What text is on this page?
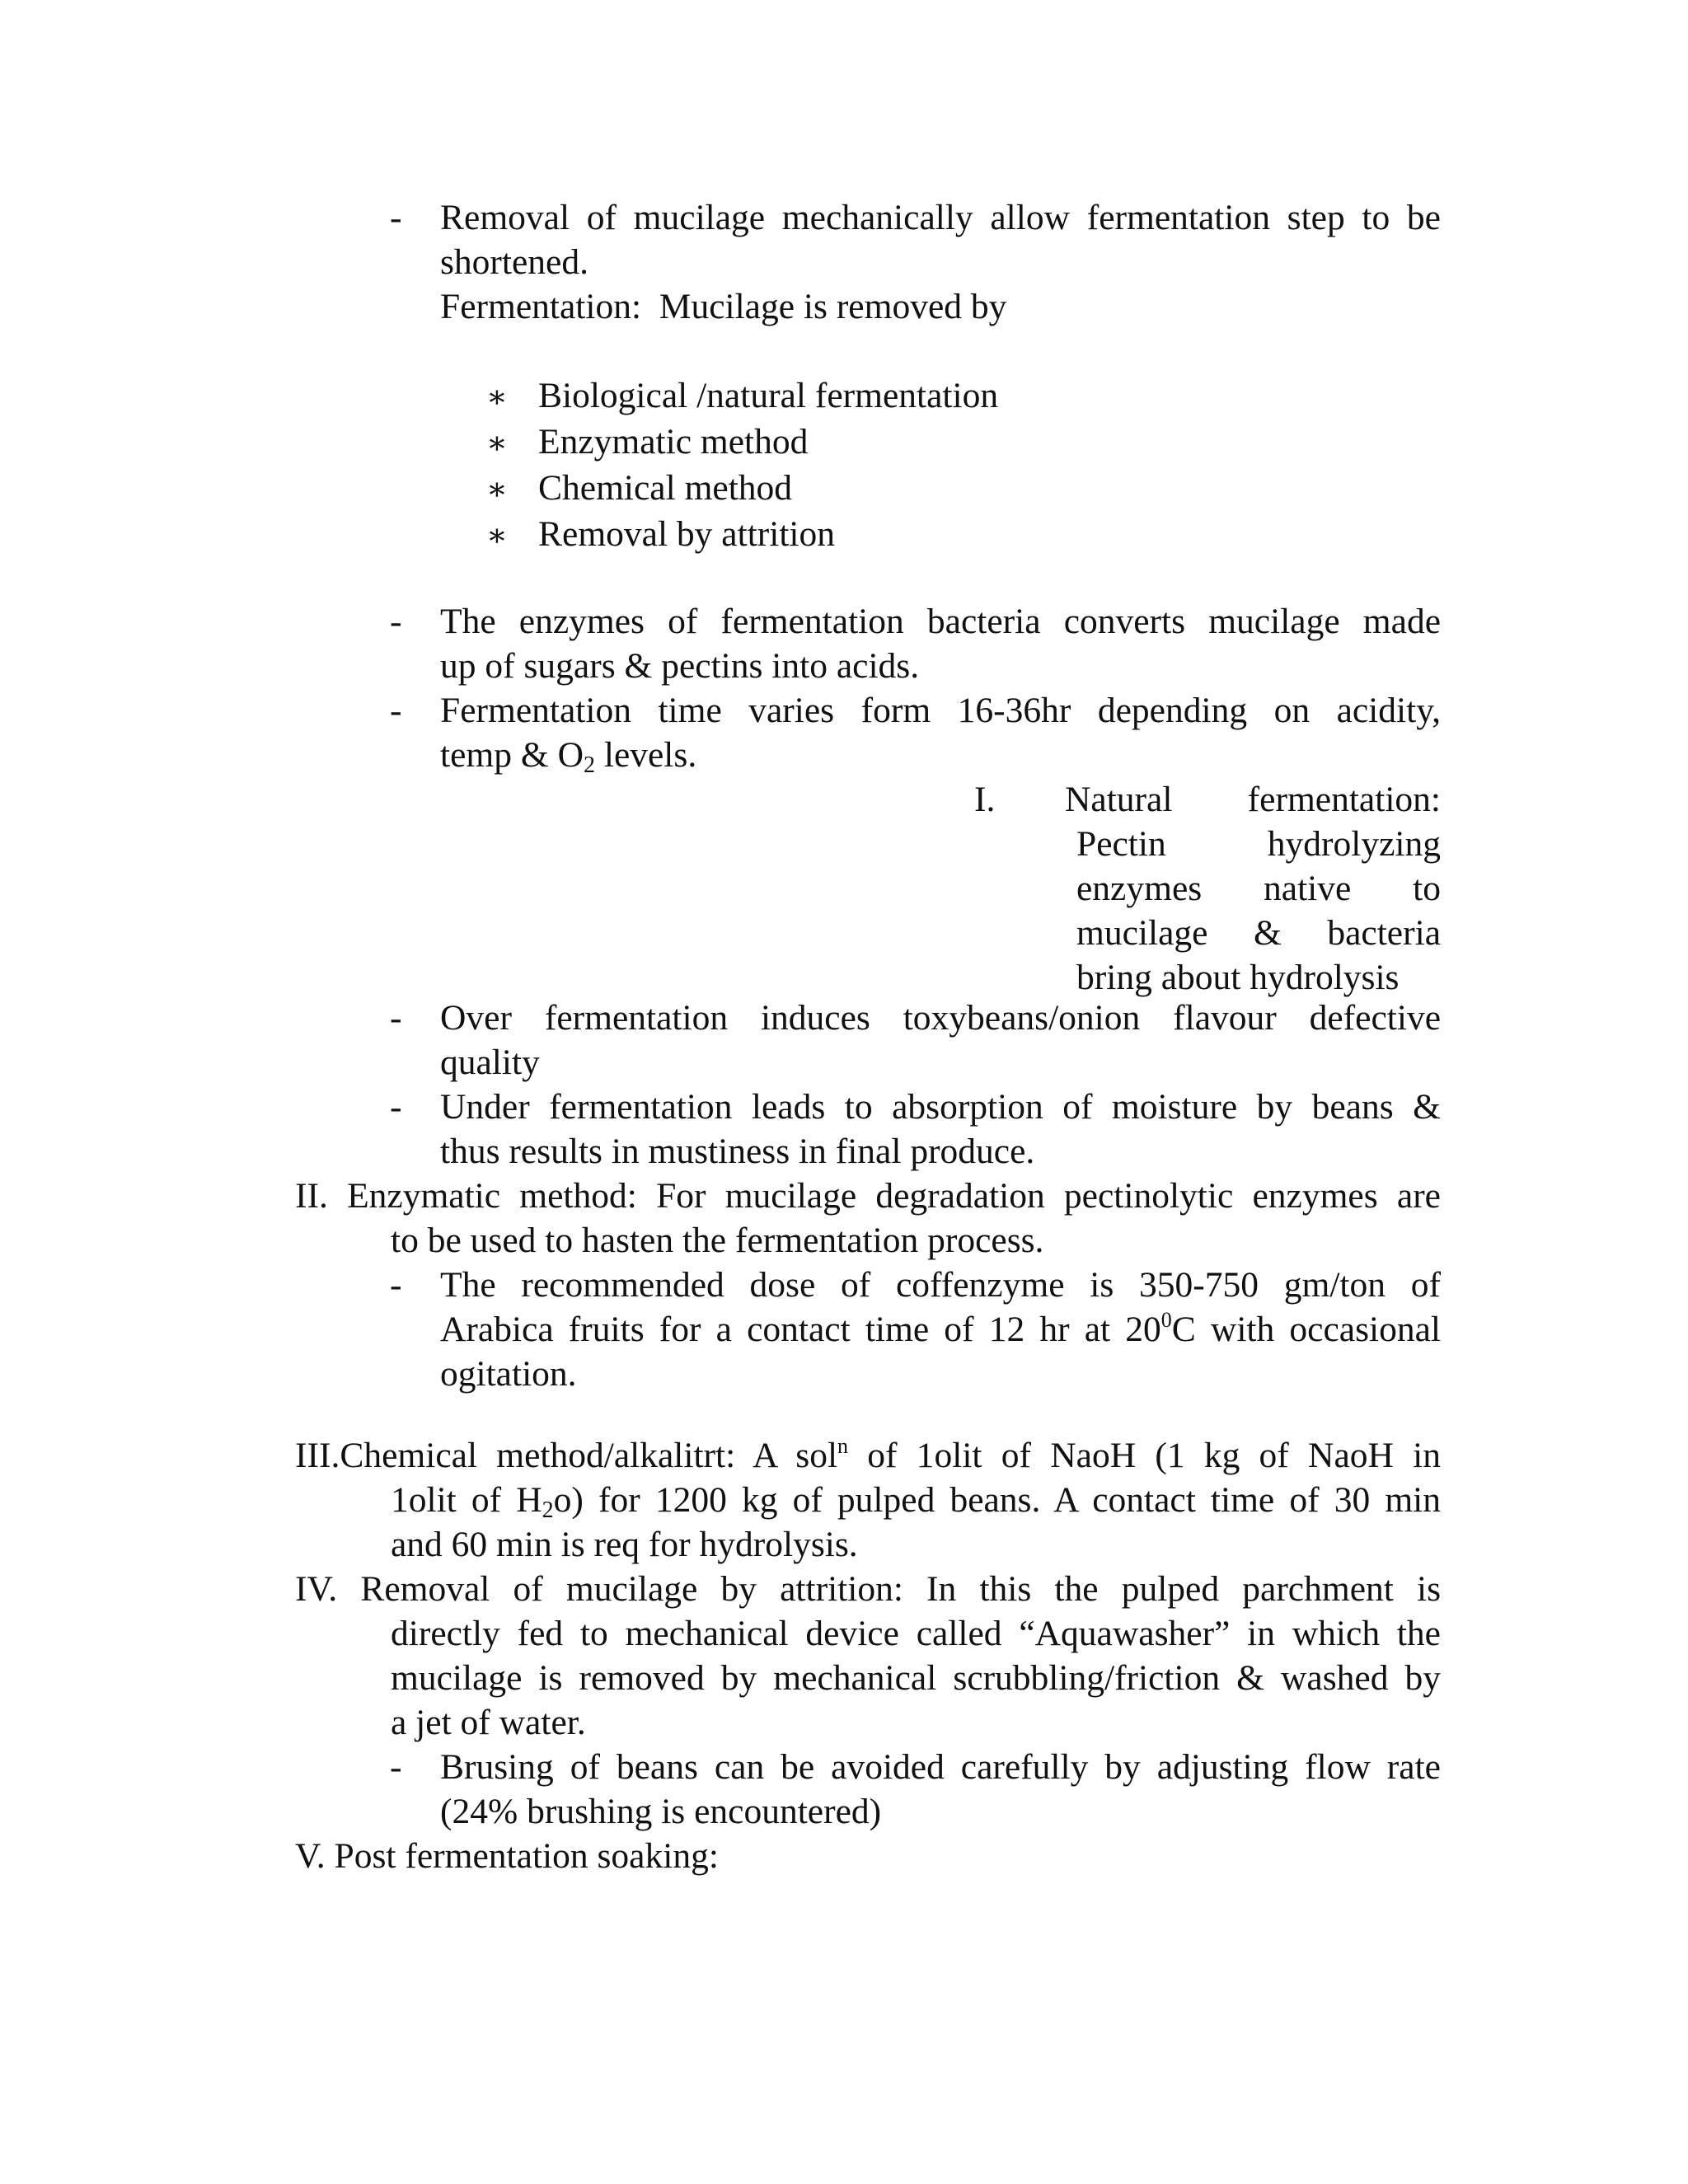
- Removal of mucilage mechanically allow fermentation step to be
shortened.
Fermentation:  Mucilage is removed by
∗ Biological /natural fermentation
∗ Enzymatic method
∗ Chemical method
∗ Removal by attrition
- The enzymes of fermentation bacteria converts mucilage made
up of sugars & pectins into acids.
- Fermentation time varies form 16-36hr depending on acidity,
temp & $O_2$ levels.
I. Natural fermentation:
Pectin hydrolyzing
enzymes native to
mucilage & bacteria
bring about hydrolysis
- Over fermentation induces toxybeans/onion flavour defective
quality
- Under fermentation leads to absorption of moisture by beans &
thus results in mustiness in final produce.
II. Enzymatic method: For mucilage degradation pectinolytic enzymes are
to be used to hasten the fermentation process.
- The recommended dose of coffenzyme is 350-750 gm/ton of
Arabica fruits for a contact time of 12 hr at $20^0C$ with occasional
ogitation.
III.Chemical method/alkalitrt: A sol$^n$ of 1olit of NaoH (1 kg of NaoH in
1olit of $H_2o$) for 1200 kg of pulped beans. A contact time of 30 min
and 60 min is req for hydrolysis.
IV. Removal of mucilage by attrition: In this the pulped parchment is
directly fed to mechanical device called “Aquawasher” in which the
mucilage is removed by mechanical scrubbling/friction & washed by
a jet of water.
- Brusing of beans can be avoided carefully by adjusting flow rate
(24% brushing is encountered)
V. Post fermentation soaking:
